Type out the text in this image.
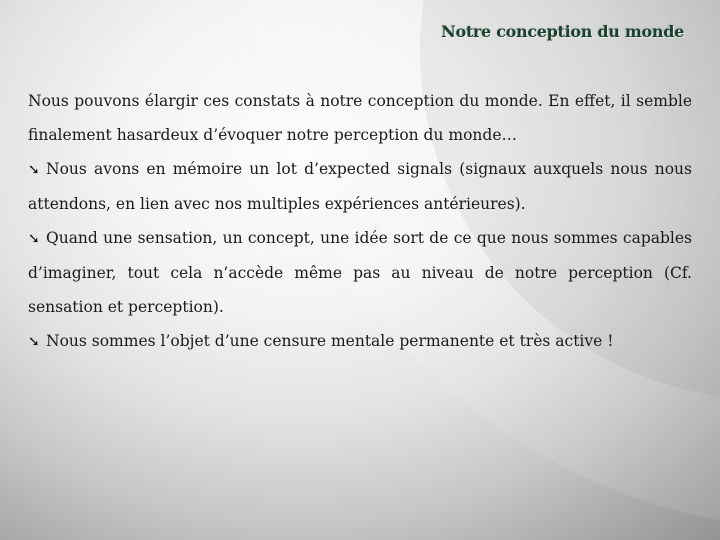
Notre conception du monde

Nous pouvons élargir ces constats à notre conception du monde. En effet, il semble finalement hasardeux d’évoquer notre perception du monde…

➘ Nous avons en mémoire un lot d’expected signals (signaux auxquels nous nous attendons, en lien avec nos multiples expériences antérieures).

➘ Quand une sensation, un concept, une idée sort de ce que nous sommes capables d’imaginer, tout cela n’accède même pas au niveau de notre perception (Cf. sensation et perception).

➘ Nous sommes l’objet d’une censure mentale permanente et très active !
